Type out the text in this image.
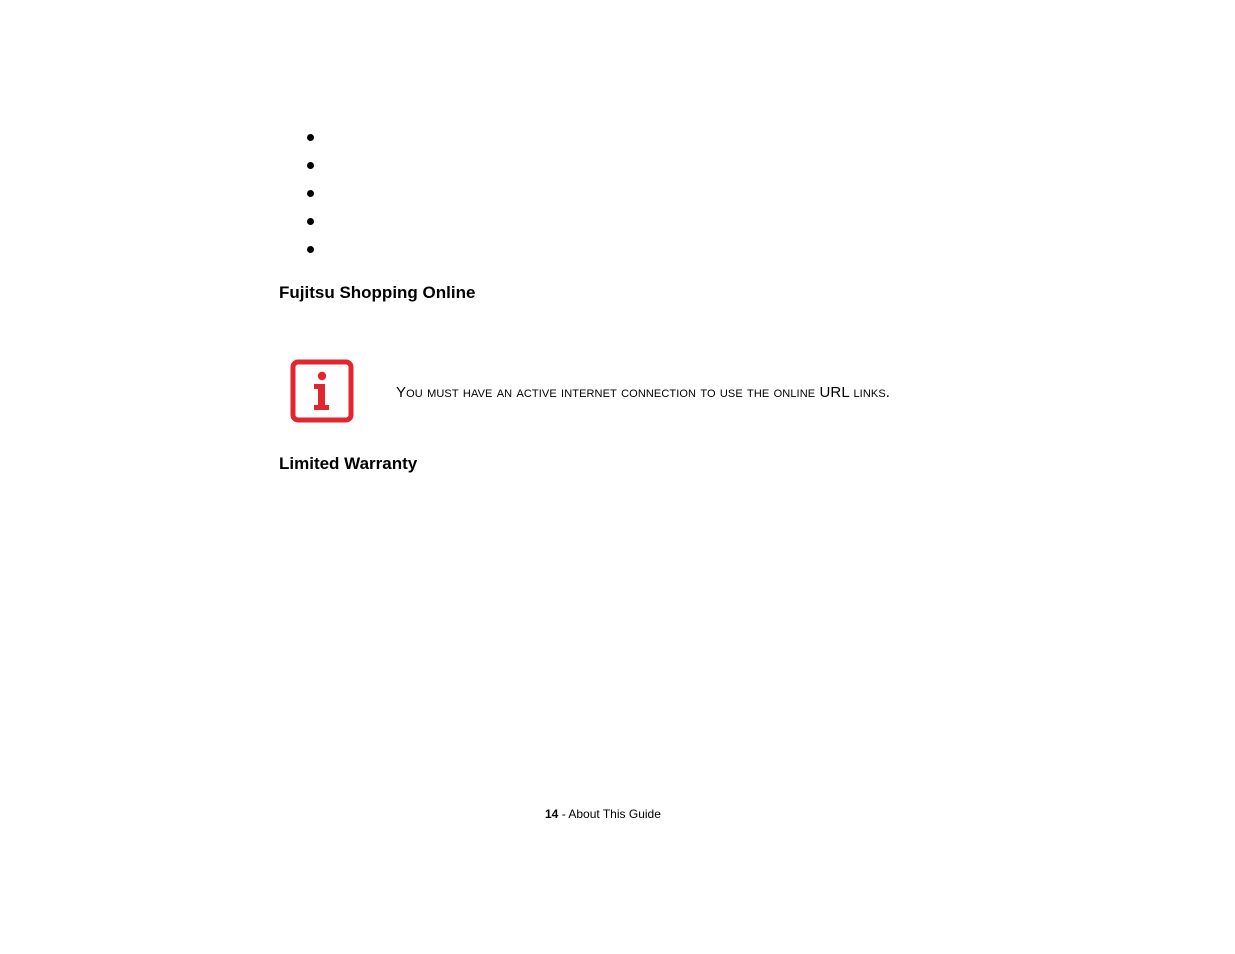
Fujitsu Shopping Online
You must have an active internet connection to use the online URL links.
Limited Warranty
14 - About This Guide
